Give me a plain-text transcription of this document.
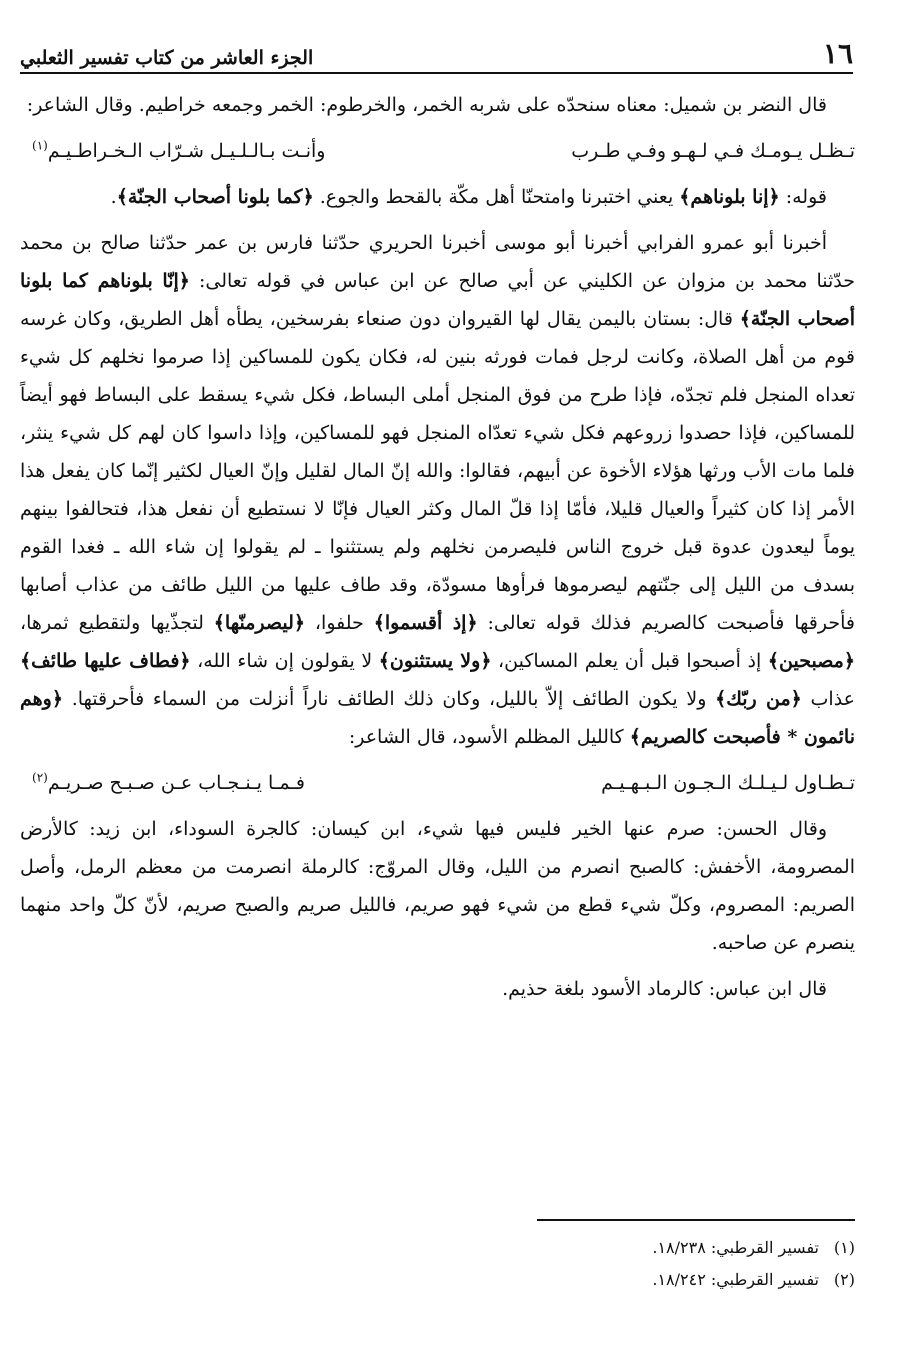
١٦
الجزء العاشر من كتاب تفسير الثعلبي

قال النضر بن شميل: معناه سنحدّه على شربه الخمر، والخرطوم: الخمر وجمعه خراطيم. وقال الشاعر:

تـظـل يـومـك فـي لـهـو وفـي طـرب
وأنـت بـالـلـيـل شـرّاب الـخـراطـيـم$^{(١)}$

قوله: ﴿إنا بلوناهم﴾ يعني اختبرنا وامتحنّا أهل مكّة بالقحط والجوع. ﴿كما بلونا أصحاب الجنّة﴾.

أخبرنا أبو عمرو الفرابي أخبرنا أبو موسى أخبرنا الحريري حدّثنا فارس بن عمر حدّثنا صالح بن محمد حدّثنا محمد بن مزوان عن الكليني عن أبي صالح عن ابن عباس في قوله تعالى: ﴿إنّا بلوناهم كما بلونا أصحاب الجنّة﴾ قال: بستان باليمن يقال لها القيروان دون صنعاء بفرسخين، يطأه أهل الطريق، وكان غرسه قوم من أهل الصلاة، وكانت لرجل فمات فورثه بنين له، فكان يكون للمساكين إذا صرموا نخلهم كل شيء تعداه المنجل فلم تجدّه، فإذا طرح من فوق المنجل أملى البساط، فكل شيء يسقط على البساط فهو أيضاً للمساكين، فإذا حصدوا زروعهم فكل شيء تعدّاه المنجل فهو للمساكين، وإذا داسوا كان لهم كل شيء ينثر، فلما مات الأب ورثها هؤلاء الأخوة عن أبيهم، فقالوا: والله إنّ المال لقليل وإنّ العيال لكثير إنّما كان يفعل هذا الأمر إذا كان كثيراً والعيال قليلا، فأمّا إذا قلّ المال وكثر العيال فإنّا لا نستطيع أن نفعل هذا، فتحالفوا بينهم يوماً ليعدون عدوة قبل خروج الناس فليصرمن نخلهم ولم يستثنوا ـ لم يقولوا إن شاء الله ـ فغدا القوم بسدف من الليل إلى جنّتهم ليصرموها فرأوها مسودّة، وقد طاف عليها من الليل طائف من عذاب أصابها فأحرقها فأصبحت كالصريم فذلك قوله تعالى: ﴿إذ أقسموا﴾ حلفوا، ﴿ليصرمنّها﴾ لتجذّيها ولتقطيع ثمرها، ﴿مصبحين﴾ إذ أصبحوا قبل أن يعلم المساكين، ﴿ولا يستثنون﴾ لا يقولون إن شاء الله، ﴿فطاف عليها طائف﴾ عذاب ﴿من ربّك﴾ ولا يكون الطائف إلاّ بالليل، وكان ذلك الطائف ناراً أنزلت من السماء فأحرقتها. ﴿وهم نائمون * فأصبحت كالصريم﴾ كالليل المظلم الأسود، قال الشاعر:

تـطـاول لـيـلـك الـجـون الـبـهـيـم
فـمـا يـنـجـاب عـن صـبـح صـريـم$^{(٢)}$

وقال الحسن: صرم عنها الخير فليس فيها شيء، ابن كيسان: كالجرة السوداء، ابن زيد: كالأرض المصرومة، الأخفش: كالصبح انصرم من الليل، وقال المروّج: كالرملة انصرمت من معظم الرمل، وأصل الصريم: المصروم، وكلّ شيء قطع من شيء فهو صريم، فالليل صريم والصبح صريم، لأنّ كلّ واحد منهما ينصرم عن صاحبه.

قال ابن عباس: كالرماد الأسود بلغة حذيم.

(١)
تفسير القرطبي: ١٨/٢٣٨.
(٢)
تفسير القرطبي: ١٨/٢٤٢.
